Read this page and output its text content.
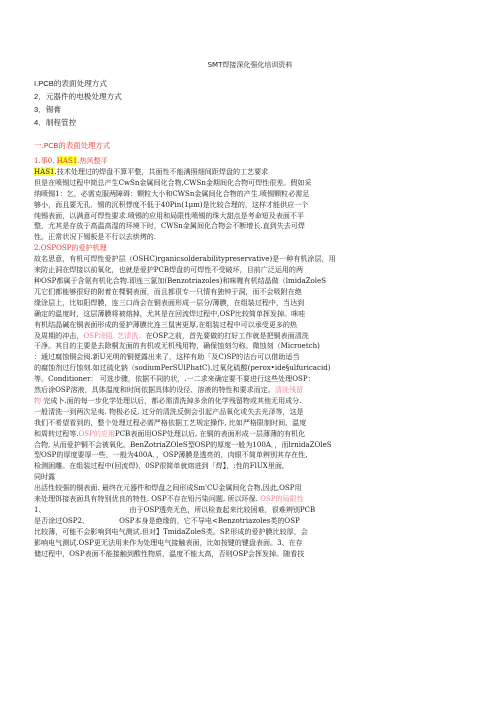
SMT焊接深化强化培训资料
I.PCB的表面处理方式
2．元器件的电极处理方式
3．锡膏
4．制程管控
一.PCB的表面处理方式

1.事0, HAS1.热风整平

HAS1.技术处理过的焊盘不算平整，共面性不能满照细间距焊盘的工艺要求

但是在喷锡过程中简总产生CwSn金属间化合物,CWSn金期间化合物可焊性很差。假如采

纳喷锡1：乞，必需克服两障碍：颗粒大小和CWSn金属间化合物的产生.喷锡颗粒必需足

够小，而且要无孔．锡的沉积悸度不低于40Pin(1μm)是比较合理的，这样才能供应一个

纯锡表面，以满意可焊性要求.喷锡的应用和局限性喷锡的珠大甜点是考命短及表面不平

整，尤其是存放于高温高湿的环境下时，CWSn金属间化合物会不断增长.直到失去可焊

性。正常状况下锡板是不行以去烘烤的.

2.OSPOSP的爱护机理

故名思意，有机可焊性爱护层（OSHC)rganicsolderabilitypreservative)是一种有机涂层，用

来防止洞在焊接以前氧化，也就是爱护PCB焊盘的可焊性不受破坏，目前广泛运用的两

种OSP都属于含氨有机化合物.即连三氯加(Benzotriazoles)和咪喱有机结晶做（lmidaZoleS

兀它们都能够很好的附着在棵铜表面，而且都很专一只情有独钟于洞，而不会吸附在绝

缘涂层上，比如阳焊膜，连三口尚会在铜表面形成一层分/薄膜，在组装过程中，当达到

确定的温度时，这层薄膜将被熔掉，尤其是在回流焊过程中,OSP比较简单挥发掉。咪哇

有机结晶碱在铜表面形成的爱护薄膜比连三鼠害更厚,在组装过程中可以承受更多的热

及周期的冲击，OSP涂阻. 艺渍洗：在OSP之前，首先要做的打好工作就是把铜表面清洗

干净。其目的主要是去除桐友面的有机或无机残用物，确保蚀刻匀称。微蚀刻（Microetch)

：通过腐蚀铜会阅.新U光明的铜便露出来了，这样有助「及C)SP的沽台可以借助适当

的腐蚀剂过行蚀刻.如过硫化钠（sodiumPerSUlPhatC).过氧化硫酸(perox•ide§ulfuricacid)

等。Conditioner： 可选步骤，依据不同的状，.一二求来确定要不要进行这些处理OSP：

然后涂OSP溶液，具体温度和时间依据具体的设径、溶液的特性和要求而定。清洗残留

物 完成卜.面的每一步化学处理以后，都必需清洗掉多余的化学残留物或其他无用成分.

一般清洗一到两次足夷. 物极必反, 过分的清洗反倒会引起产品氧化或失去光泽等，这是

我们不希望看到的，整个处理过程必需严格依据工艺规定操作, 比如严格限制时间、温度

和周转过程等.OSP的应用PCB表面用OSP处理以后, 在铜的表面形成一层薄薄的有机化

合物, 从而爱护铜不会被氧化。BenZotriaZOleS型OSP的厚度一般为100A．，而lrnidaZOleS

型OSP的厚度要厚一些，一般为400A．，OSP薄膜是透亮的，肉眼不简单辨别其存在性,

检测困雕。在组装过程中(回流焊)，0SP很简单就熔进到「焊】，:性的FlUX里面,

同时露

出活性较强的铜表面. 最终在元器件和焊盘之间形成Sm'CU金属间化合物,因此,OSP用

来处理饵接表面具有特别优良的特性. OSP不存在铅污染问题, 所以环保. OSP的局限性

1、	由于OSP透亮无色，所以检查起来比较困难，很难辨别PCB

是否涂过OSP2、	OSP本身是绝缘的，它不导电<Benzotriazoles类的OSP

比较薄，可能不会影响到电气测试.但对】TmidaZoleS类。SP.形成的爱护膜比较厚，会

影响电气测试.OSP更无法用来作为处理电气接触表面，比如按键的键盘表面。3、在存

储过程中，OSP表面不能接触到酸性物质，温度不能太高，否则OSP会挥发掉。随看技
